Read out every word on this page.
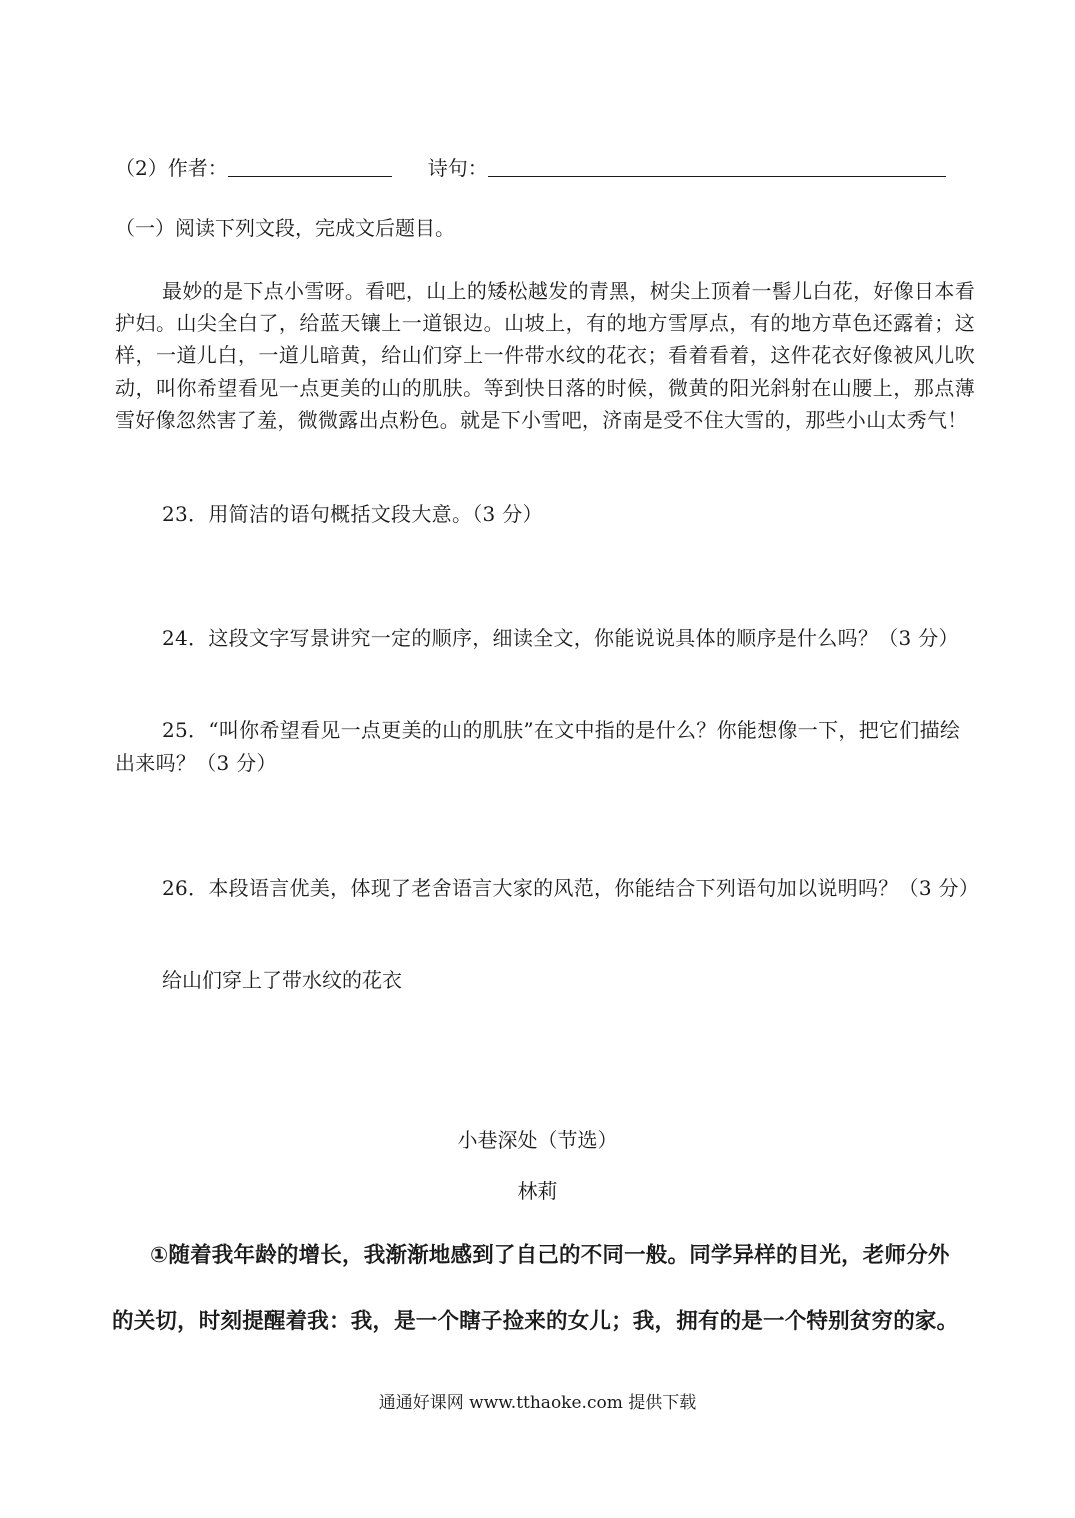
（2）作者：	诗句：
（一）阅读下列文段，完成文后题目。
最妙的是下点小雪呀。看吧，山上的矮松越发的青黑，树尖上顶着一髻儿白花，好像日本看护妇。山尖全白了，给蓝天镶上一道银边。山坡上，有的地方雪厚点，有的地方草色还露着；这样，一道儿白，一道儿暗黄，给山们穿上一件带水纹的花衣；看着看着，这件花衣好像被风儿吹动，叫你希望看见一点更美的山的肌肤。等到快日落的时候，微黄的阳光斜射在山腰上，那点薄雪好像忽然害了羞，微微露出点粉色。就是下小雪吧，济南是受不住大雪的，那些小山太秀气！
23．用简洁的语句概括文段大意。（3 分）
24．这段文字写景讲究一定的顺序，细读全文，你能说说具体的顺序是什么吗？（3 分）
25．“叫你希望看见一点更美的山的肌肤”在文中指的是什么？你能想像一下，把它们描绘出来吗？（3 分）
26．本段语言优美，体现了老舍语言大家的风范，你能结合下列语句加以说明吗？（3 分）
给山们穿上了带水纹的花衣
小巷深处（节选）
林莉
①随着我年龄的增长，我渐渐地感到了自己的不同一般。同学异样的目光，老师分外
的关切，时刻提醒着我：我，是一个瞎子捡来的女儿；我，拥有的是一个特别贫穷的家。
通通好课网 www.tthaoke.com 提供下载
